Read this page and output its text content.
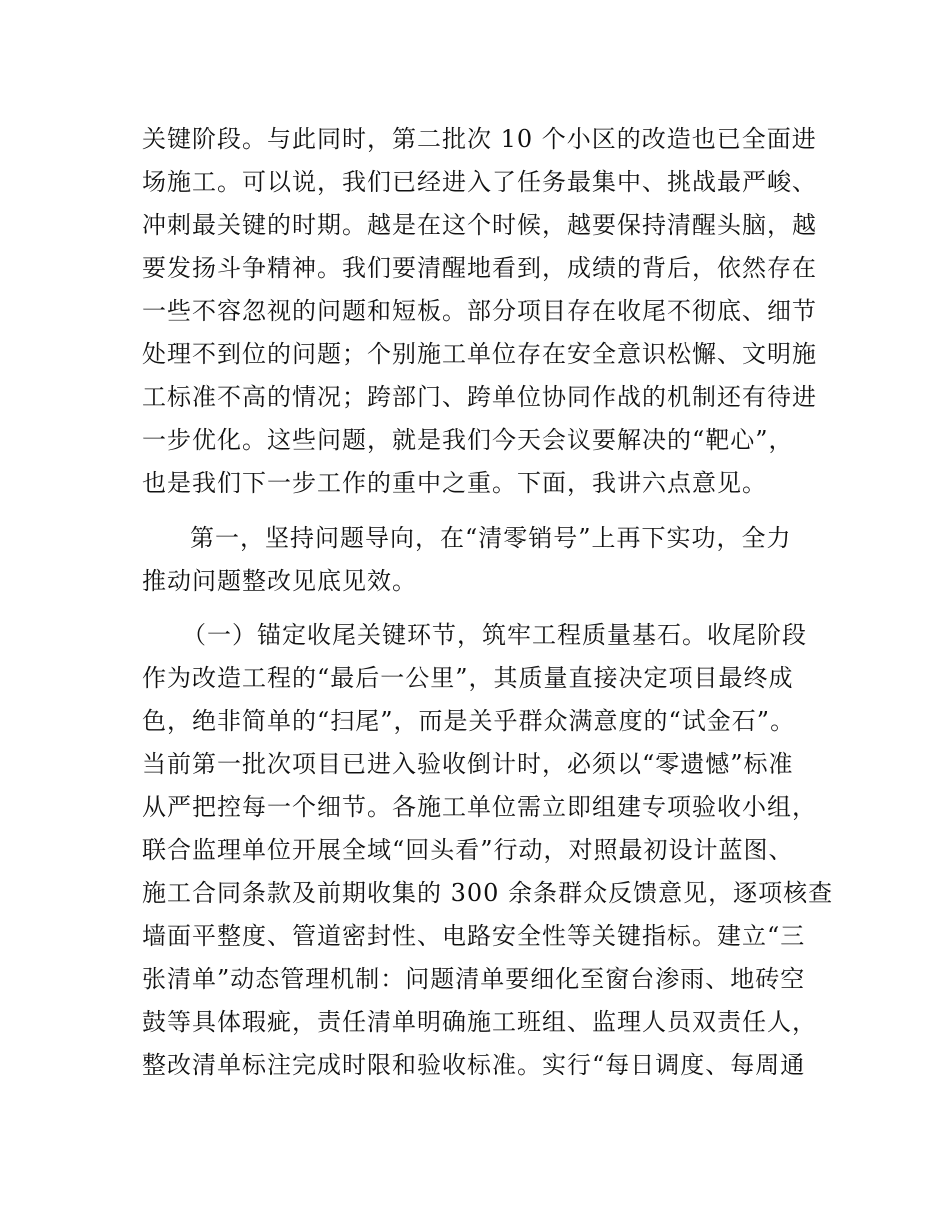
关键阶段。与此同时，第二批次 10 个小区的改造也已全面进
场施工。可以说，我们已经进入了任务最集中、挑战最严峻、
冲刺最关键的时期。越是在这个时候，越要保持清醒头脑，越
要发扬斗争精神。我们要清醒地看到，成绩的背后，依然存在
一些不容忽视的问题和短板。部分项目存在收尾不彻底、细节
处理不到位的问题；个别施工单位存在安全意识松懈、文明施
工标准不高的情况；跨部门、跨单位协同作战的机制还有待进
一步优化。这些问题，就是我们今天会议要解决的“靶心”，
也是我们下一步工作的重中之重。下面，我讲六点意见。
第一，坚持问题导向，在“清零销号”上再下实功，全力
推动问题整改见底见效。
（一）锚定收尾关键环节，筑牢工程质量基石。收尾阶段
作为改造工程的“最后一公里”，其质量直接决定项目最终成
色，绝非简单的“扫尾”，而是关乎群众满意度的“试金石”。
当前第一批次项目已进入验收倒计时，必须以“零遗憾”标准
从严把控每一个细节。各施工单位需立即组建专项验收小组，
联合监理单位开展全域“回头看”行动，对照最初设计蓝图、
施工合同条款及前期收集的 300 余条群众反馈意见，逐项核查
墙面平整度、管道密封性、电路安全性等关键指标。建立“三
张清单”动态管理机制：问题清单要细化至窗台渗雨、地砖空
鼓等具体瑕疵，责任清单明确施工班组、监理人员双责任人，
整改清单标注完成时限和验收标准。实行“每日调度、每周通
